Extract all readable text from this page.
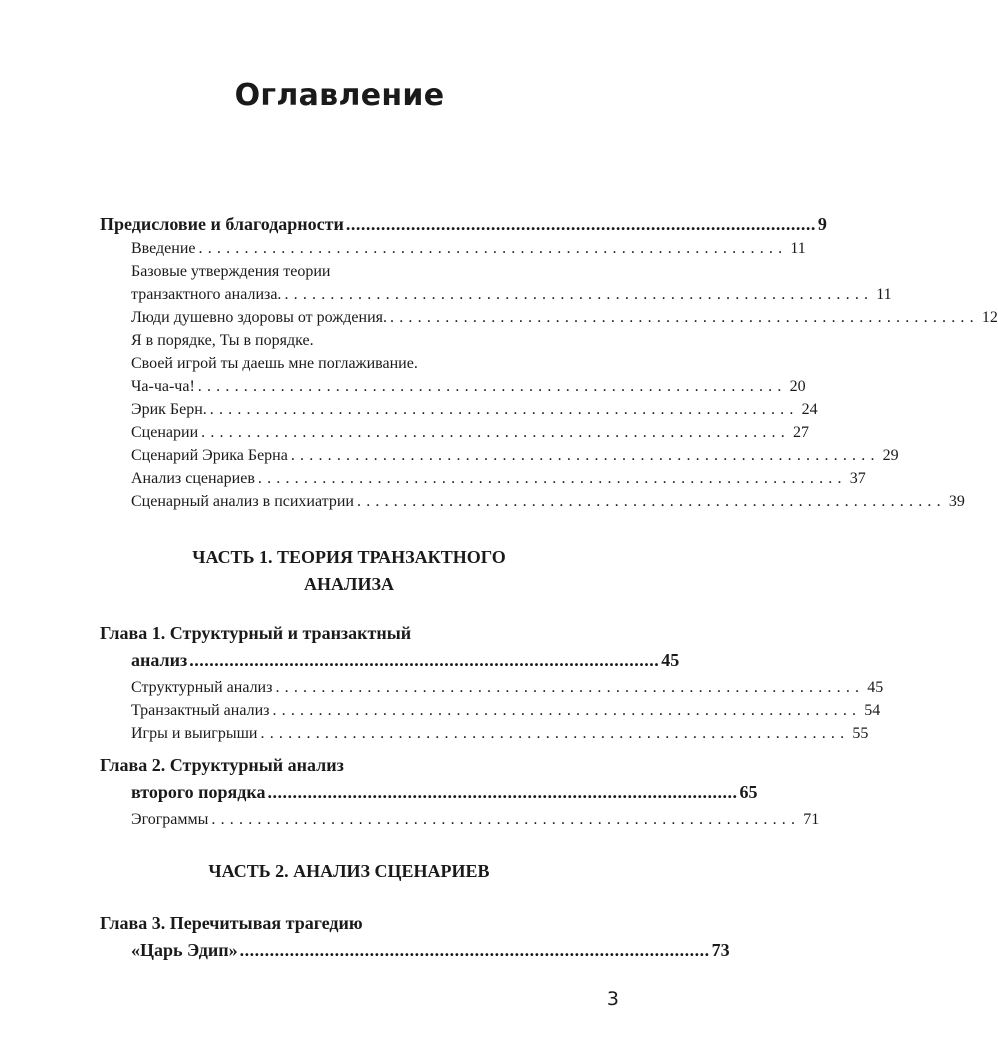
Оглавление
Предисловие и благодарности .............................................................................................. 9
Введение ................................................................ 11
Базовые утверждения теории
транзактного анализа. ................................................................ 11
Люди душевно здоровы от рождения. ................................................................ 12
Я в порядке, Ты в порядке.
Своей игрой ты даешь мне поглаживание.
Ча-ча-ча! ................................................................ 20
Эрик Берн. ................................................................ 24
Сценарии ................................................................ 27
Сценарий Эрика Берна ................................................................ 29
Анализ сценариев ................................................................ 37
Сценарный анализ в психиатрии ................................................................ 39
ЧАСТЬ 1. ТЕОРИЯ ТРАНЗАКТНОГО
АНАЛИЗА
Глава 1. Структурный и транзактный
анализ .............................................................................................. 45
Структурный анализ ................................................................ 45
Транзактный анализ ................................................................ 54
Игры и выигрыши ................................................................ 55
Глава 2. Структурный анализ
второго порядка .............................................................................................. 65
Эгограммы ................................................................ 71
ЧАСТЬ 2. АНАЛИЗ СЦЕНАРИЕВ
Глава 3. Перечитывая трагедию
«Царь Эдип» .............................................................................................. 73
3
